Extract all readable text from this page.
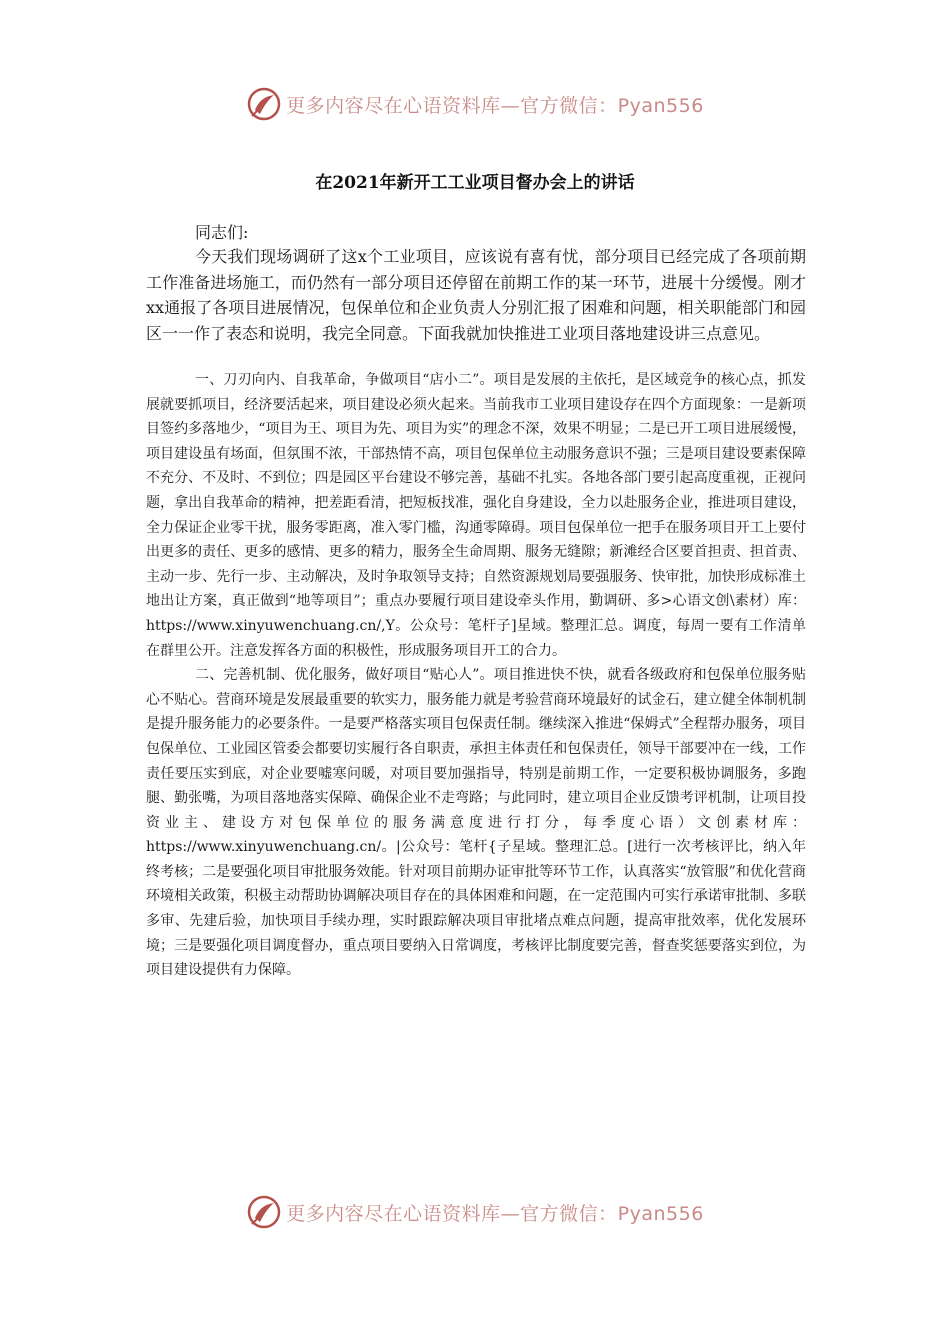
更多内容尽在心语资料库—官方微信：Pyan556
在2021年新开工工业项目督办会上的讲话
同志们:
今天我们现场调研了这x个工业项目，应该说有喜有忧，部分项目已经完成了各项前期工作准备进场施工，而仍然有一部分项目还停留在前期工作的某一环节，进展十分缓慢。刚才xx通报了各项目进展情况，包保单位和企业负责人分别汇报了困难和问题，相关职能部门和园区一一作了表态和说明，我完全同意。下面我就加快推进工业项目落地建设讲三点意见。

一、刀刃向内、自我革命，争做项目“店小二”。项目是发展的主依托，是区域竞争的核心点，抓发展就要抓项目，经济要活起来，项目建设必须火起来。当前我市工业项目建设存在四个方面现象：一是新项目签约多落地少，“项目为王、项目为先、项目为实”的理念不深，效果不明显；二是已开工项目进展缓慢，项目建设虽有场面，但氛围不浓，干部热情不高，项目包保单位主动服务意识不强；三是项目建设要素保障不充分、不及时、不到位；四是园区平台建设不够完善，基础不扎实。各地各部门要引起高度重视，正视问题，拿出自我革命的精神，把差距看清，把短板找准，强化自身建设，全力以赴服务企业，推进项目建设，全力保证企业零干扰，服务零距离，准入零门槛，沟通零障碍。项目包保单位一把手在服务项目开工上要付出更多的责任、更多的感情、更多的精力，服务全生命周期、服务无缝隙；新滩经合区要首担责、担首责、主动一步、先行一步、主动解决，及时争取领导支持；自然资源规划局要强服务、快审批，加快形成标准土地出让方案，真正做到“地等项目”；重点办要履行项目建设牵头作用，勤调研、多>心语文创\素材）库：https://www.xinyuwenchuang.cn/,Y。公众号：笔杆子]星域。整理汇总。调度，每周一要有工作清单在群里公开。注意发挥各方面的积极性，形成服务项目开工的合力。

二、完善机制、优化服务，做好项目“贴心人”。项目推进快不快，就看各级政府和包保单位服务贴心不贴心。营商环境是发展最重要的软实力，服务能力就是考验营商环境最好的试金石，建立健全体制机制是提升服务能力的必要条件。一是要严格落实项目包保责任制。继续深入推进“保姆式”全程帮办服务，项目包保单位、工业园区管委会都要切实履行各自职责，承担主体责任和包保责任，领导干部要冲在一线，工作责任要压实到底，对企业要嘘寒问暖，对项目要加强指导，特别是前期工作，一定要积极协调服务，多跑腿、勤张嘴，为项目落地落实保障、确保企业不走弯路；与此同时，建立项目企业反馈考评机制，让项目投资业主、建设方对包保单位的服务满意度进行打分，每季度心语）文创素材库：https://www.xinyuwenchuang.cn/。|公众号：笔杆{子星域。整理汇总。[进行一次考核评比，纳入年终考核；二是要强化项目审批服务效能。针对项目前期办证审批等环节工作，认真落实“放管服”和优化营商环境相关政策，积极主动帮助协调解决项目存在的具体困难和问题，在一定范围内可实行承诺审批制、多联多审、先建后验，加快项目手续办理，实时跟踪解决项目审批堵点难点问题，提高审批效率，优化发展环境；三是要强化项目调度督办，重点项目要纳入日常调度，考核评比制度要完善，督查奖惩要落实到位，为项目建设提供有力保障。

更多内容尽在心语资料库—官方微信：Pyan556
